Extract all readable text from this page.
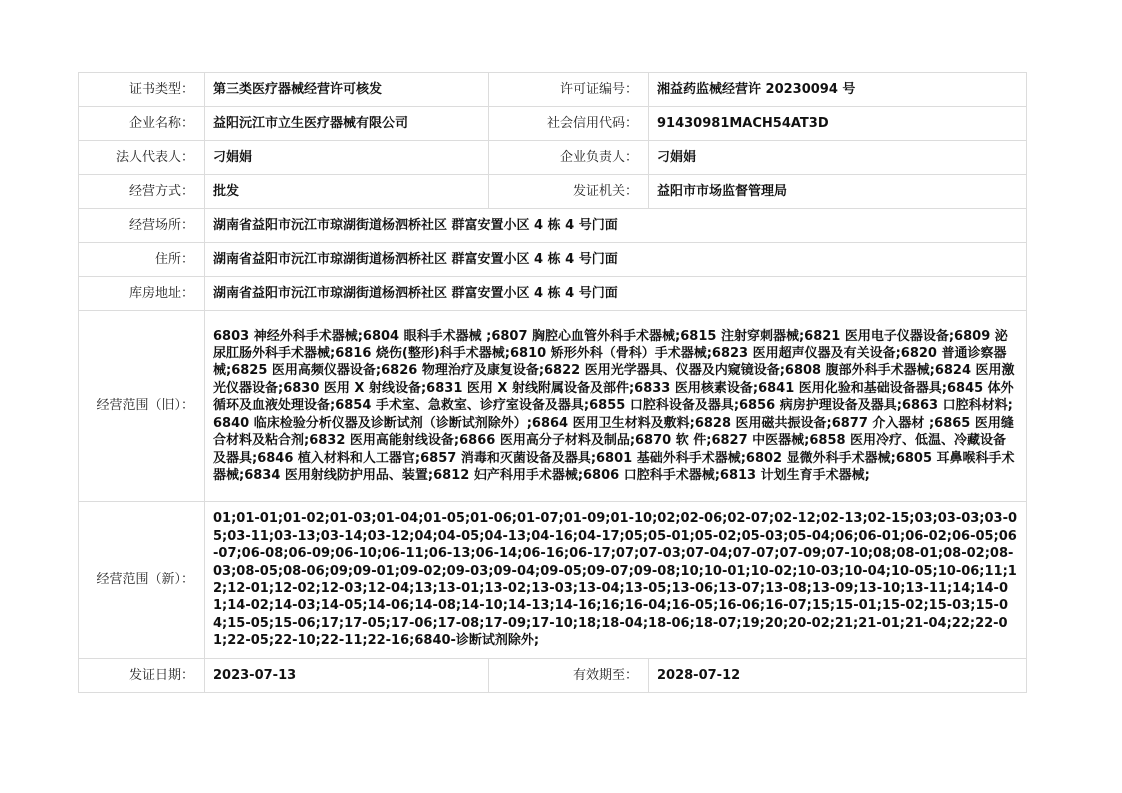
证书类型：	第三类医疗器械经营许可核发	许可证编号：	湘益药监械经营许 20230094 号
企业名称：	益阳沅江市立生医疗器械有限公司	社会信用代码：	91430981MACH54AT3D
法人代表人：	刁娟娟	企业负责人：	刁娟娟
经营方式：	批发	发证机关：	益阳市市场监督管理局
经营场所：	湖南省益阳市沅江市琼湖街道杨泗桥社区 群富安置小区 4 栋 4 号门面		
住所：	湖南省益阳市沅江市琼湖街道杨泗桥社区 群富安置小区 4 栋 4 号门面		
库房地址：	湖南省益阳市沅江市琼湖街道杨泗桥社区 群富安置小区 4 栋 4 号门面		
经营范围（旧）：	6803 神经外科手术器械;6804 眼科手术器械 ;6807 胸腔心血管外科手术器械;6815 注射穿刺器械;6821 医用电子仪器设备;6809 泌尿肛肠外科手术器械;6816 烧伤(整形)科手术器械;6810 矫形外科（骨科）手术器械;6823 医用超声仪器及有关设备;6820 普通诊察器械;6825 医用高频仪器设备;6826 物理治疗及康复设备;6822 医用光学器具、仪器及内窥镜设备;6808 腹部外科手术器械;6824 医用激光仪器设备;6830 医用 X 射线设备;6831 医用 X 射线附属设备及部件;6833 医用核素设备;6841 医用化验和基础设备器具;6845 体外循环及血液处理设备;6854 手术室、急救室、诊疗室设备及器具;6855 口腔科设备及器具;6856 病房护理设备及器具;6863 口腔科材料;6840 临床检验分析仪器及诊断试剂（诊断试剂除外）;6864 医用卫生材料及敷料;6828 医用磁共振设备;6877 介入器材 ;6865 医用缝合材料及粘合剂;6832 医用高能射线设备;6866 医用高分子材料及制品;6870 软 件;6827 中医器械;6858 医用冷疗、低温、冷藏设备及器具;6846 植入材料和人工器官;6857 消毒和灭菌设备及器具;6801 基础外科手术器械;6802 显微外科手术器械;6805 耳鼻喉科手术器械;6834 医用射线防护用品、装置;6812 妇产科用手术器械;6806 口腔科手术器械;6813 计划生育手术器械;		
经营范围（新）：	01;01-01;01-02;01-03;01-04;01-05;01-06;01-07;01-09;01-10;02;02-06;02-07;02-12;02-13;02-15;03;03-03;03-05;03-11;03-13;03-14;03-12;04;04-05;04-13;04-16;04-17;05;05-01;05-02;05-03;05-04;06;06-01;06-02;06-05;06-07;06-08;06-09;06-10;06-11;06-13;06-14;06-16;06-17;07;07-03;07-04;07-07;07-09;07-10;08;08-01;08-02;08-03;08-05;08-06;09;09-01;09-02;09-03;09-04;09-05;09-07;09-08;10;10-01;10-02;10-03;10-04;10-05;10-06;11;12;12-01;12-02;12-03;12-04;13;13-01;13-02;13-03;13-04;13-05;13-06;13-07;13-08;13-09;13-10;13-11;14;14-01;14-02;14-03;14-05;14-06;14-08;14-10;14-13;14-16;16;16-04;16-05;16-06;16-07;15;15-01;15-02;15-03;15-04;15-05;15-06;17;17-05;17-06;17-08;17-09;17-10;18;18-04;18-06;18-07;19;20;20-02;21;21-01;21-04;22;22-01;22-05;22-10;22-11;22-16;6840-诊断试剂除外;		
发证日期：	2023-07-13	有效期至：	2028-07-12
